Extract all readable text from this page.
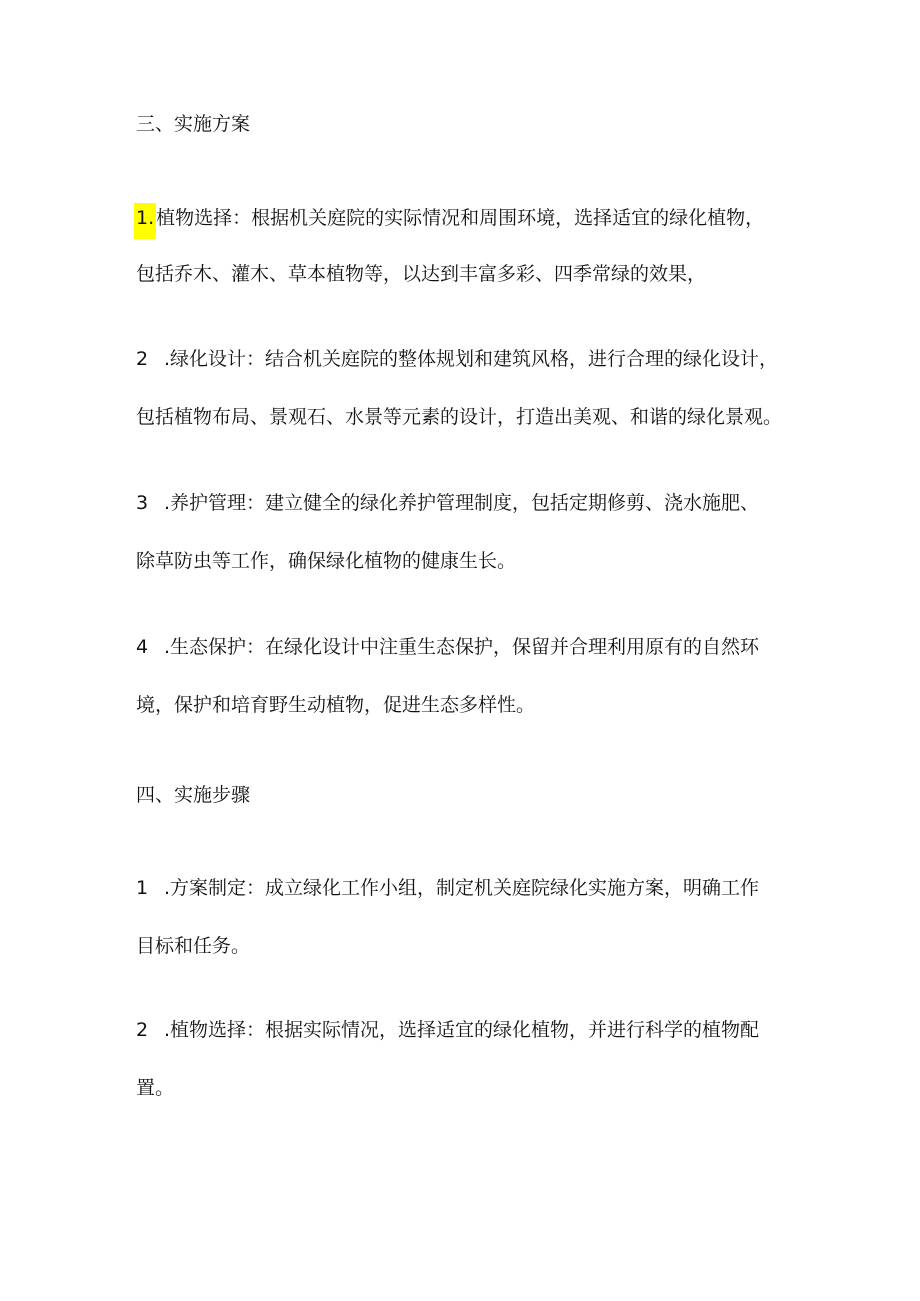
三、实施方案
1. 植物选择：根据机关庭院的实际情况和周围环境，选择适宜的绿化植物，
包括乔木、灌木、草本植物等，以达到丰富多彩、四季常绿的效果，
2 .绿化设计：结合机关庭院的整体规划和建筑风格，进行合理的绿化设计，
包括植物布局、景观石、水景等元素的设计，打造出美观、和谐的绿化景观。
3 .养护管理：建立健全的绿化养护管理制度，包括定期修剪、浇水施肥、
除草防虫等工作，确保绿化植物的健康生长。
4 .生态保护：在绿化设计中注重生态保护，保留并合理利用原有的自然环
境，保护和培育野生动植物，促进生态多样性。
四、实施步骤
1 .方案制定：成立绿化工作小组，制定机关庭院绿化实施方案，明确工作
目标和任务。
2 .植物选择：根据实际情况，选择适宜的绿化植物，并进行科学的植物配
置。
